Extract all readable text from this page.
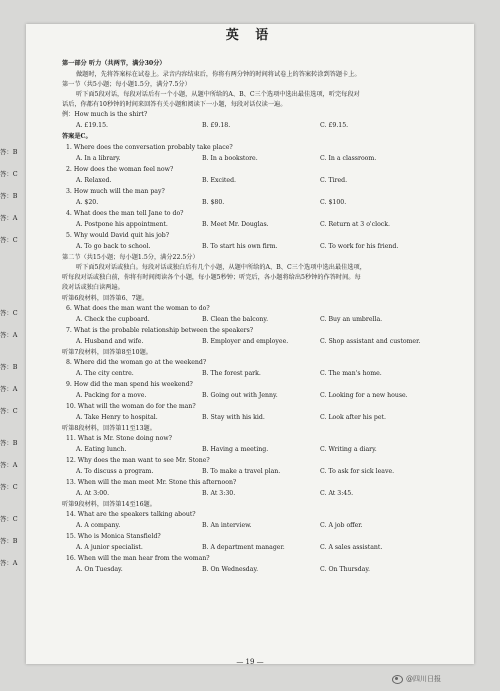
英 语
第一部分 听力（共两节，满分30分）
做题时，先将答案标在试卷上。录音内容结束后，你将有两分钟的时间将试卷上的答案转涂到答题卡上。
第一节（共5小题；每小题1.5分，满分7.5分）
听下面5段对话，每段对话后有一个小题，从题中所给的A、B、C三个选项中选出最佳选项，听完每段对
话后，你都有10秒钟的时间来回答有关小题和阅读下一小题，每段对话仅读一遍。
例：How much is the shirt?
A. £19.15.	B. £9.18.	C. £9.15.
答案是C。
1. Where does the conversation probably take place?
答：B
A. In a library.	B. In a bookstore.	C. In a classroom.
2. How does the woman feel now?
答：C
A. Relaxed.	B. Excited.	C. Tired.
3. How much will the man pay?
答：B
A. $20.	B. $80.	C. $100.
4. What does the man tell Jane to do?
答：A
A. Postpone his appointment.	B. Meet Mr. Douglas.	C. Return at 3 o'clock.
5. Why would David quit his job?
答：C
A. To go back to school.	B. To start his own firm.	C. To work for his friend.
第二节（共15小题；每小题1.5分，满分22.5分）
听下面5段对话或独白。每段对话或独白后有几个小题，从题中所给的A、B、C三个选项中选出最佳选项，
听每段对话或独白前，你将有时间阅读各个小题，每小题5秒钟；听完后，各小题将给出5秒钟的作答时间。每
段对话或独白读两遍。
听第6段材料，回答第6、7题。
6. What does the man want the woman to do?
答：C
A. Check the cupboard.	B. Clean the balcony.	C. Buy an umbrella.
7. What is the probable relationship between the speakers?
答：A
A. Husband and wife.	B. Employer and employee.	C. Shop assistant and customer.
听第7段材料，回答第8至10题。
8. Where did the woman go at the weekend?
答：B
A. The city centre.	B. The forest park.	C. The man's home.
9. How did the man spend his weekend?
答：A
A. Packing for a move.	B. Going out with Jenny.	C. Looking for a new house.
10. What will the woman do for the man?
答：C
A. Take Henry to hospital.	B. Stay with his kid.	C. Look after his pet.
听第8段材料，回答第11至13题。
11. What is Mr. Stone doing now?
答：B
A. Eating lunch.	B. Having a meeting.	C. Writing a diary.
12. Why does the man want to see Mr. Stone?
答：A
A. To discuss a program.	B. To make a travel plan.	C. To ask for sick leave.
13. When will the man meet Mr. Stone this afternoon?
答：C
A. At 3:00.	B. At 3:30.	C. At 3:45.
听第9段材料，回答第14至16题。
14. What are the speakers talking about?
答：C
A. A company.	B. An interview.	C. A job offer.
15. Who is Monica Stansfield?
答：B
A. A junior specialist.	B. A department manager.	C. A sales assistant.
16. When will the man hear from the woman?
答：A
A. On Tuesday.	B. On Wednesday.	C. On Thursday.
— 19 —
@四川日报
